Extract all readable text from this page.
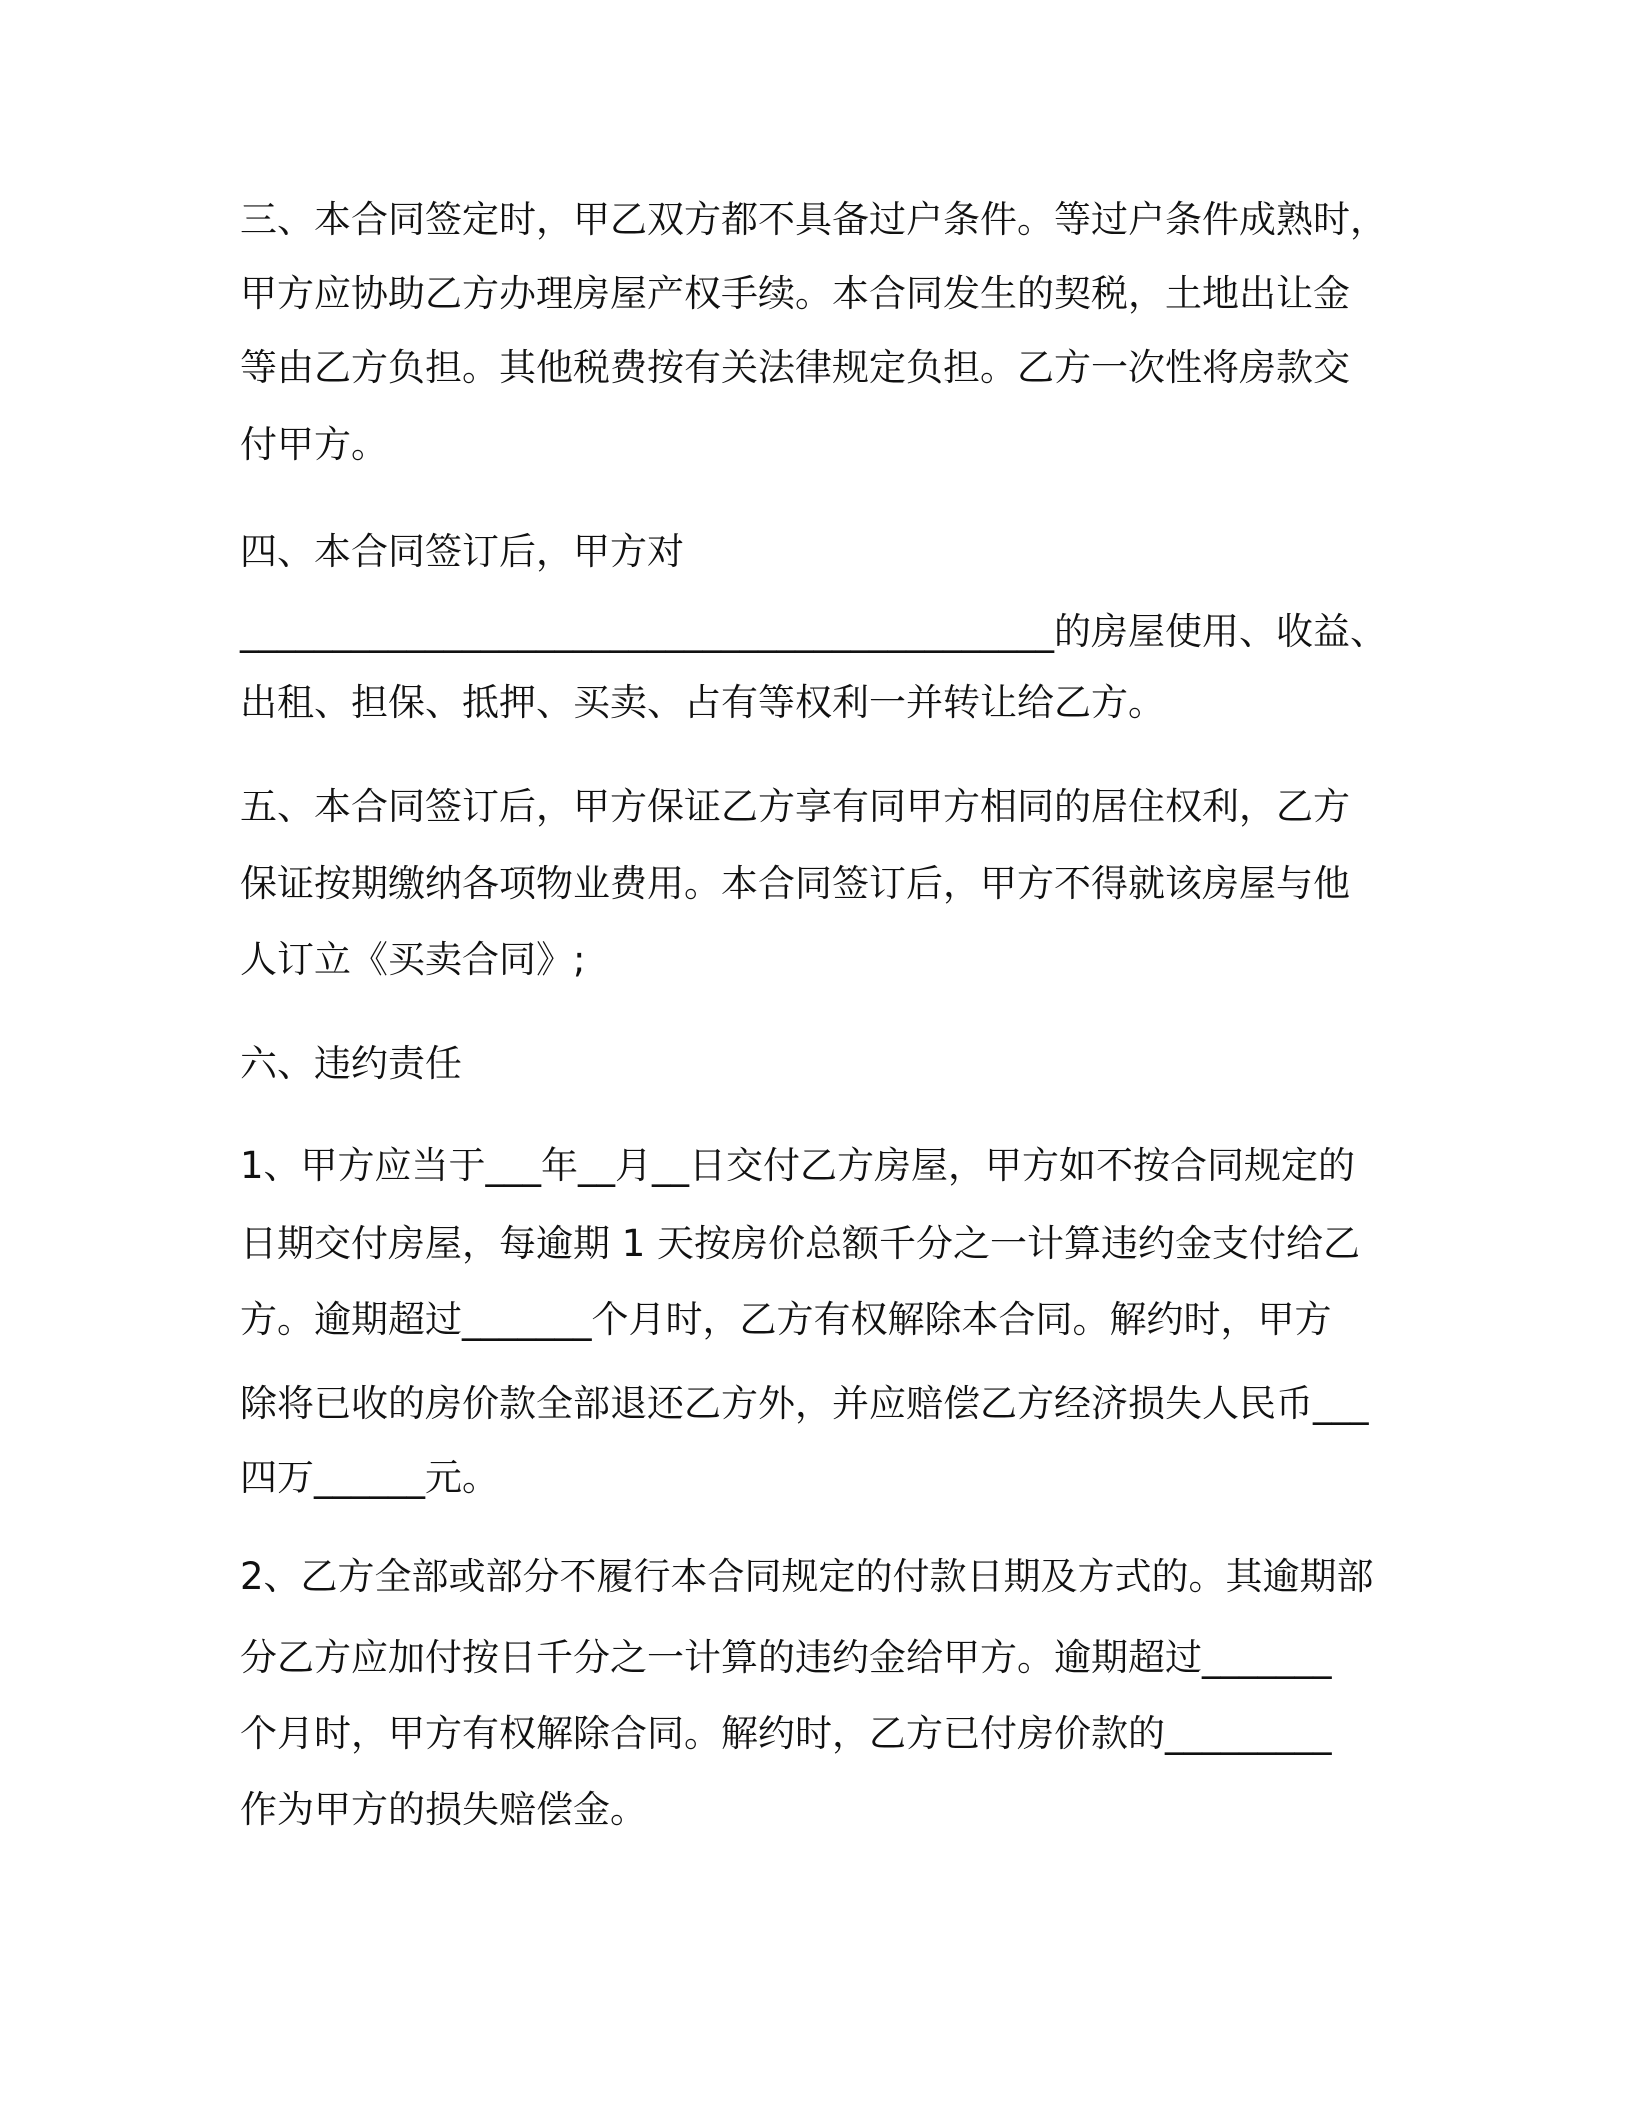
三、本合同签定时，甲乙双方都不具备过户条件。等过户条件成熟时，
甲方应协助乙方办理房屋产权手续。本合同发生的契税，土地出让金
等由乙方负担。其他税费按有关法律规定负担。乙方一次性将房款交
付甲方。
四、本合同签订后，甲方对
____________________________________________的房屋使用、收益、
出租、担保、抵押、买卖、占有等权利一并转让给乙方。
五、本合同签订后，甲方保证乙方享有同甲方相同的居住权利，乙方
保证按期缴纳各项物业费用。本合同签订后，甲方不得就该房屋与他
人订立《买卖合同》;
六、违约责任
1、甲方应当于___年__月__日交付乙方房屋，甲方如不按合同规定的
日期交付房屋，每逾期 1 天按房价总额千分之一计算违约金支付给乙
方。逾期超过_______个月时，乙方有权解除本合同。解约时，甲方
除将已收的房价款全部退还乙方外，并应赔偿乙方经济损失人民币___
四万______元。
2、乙方全部或部分不履行本合同规定的付款日期及方式的。其逾期部
分乙方应加付按日千分之一计算的违约金给甲方。逾期超过_______
个月时，甲方有权解除合同。解约时，乙方已付房价款的_________
作为甲方的损失赔偿金。
